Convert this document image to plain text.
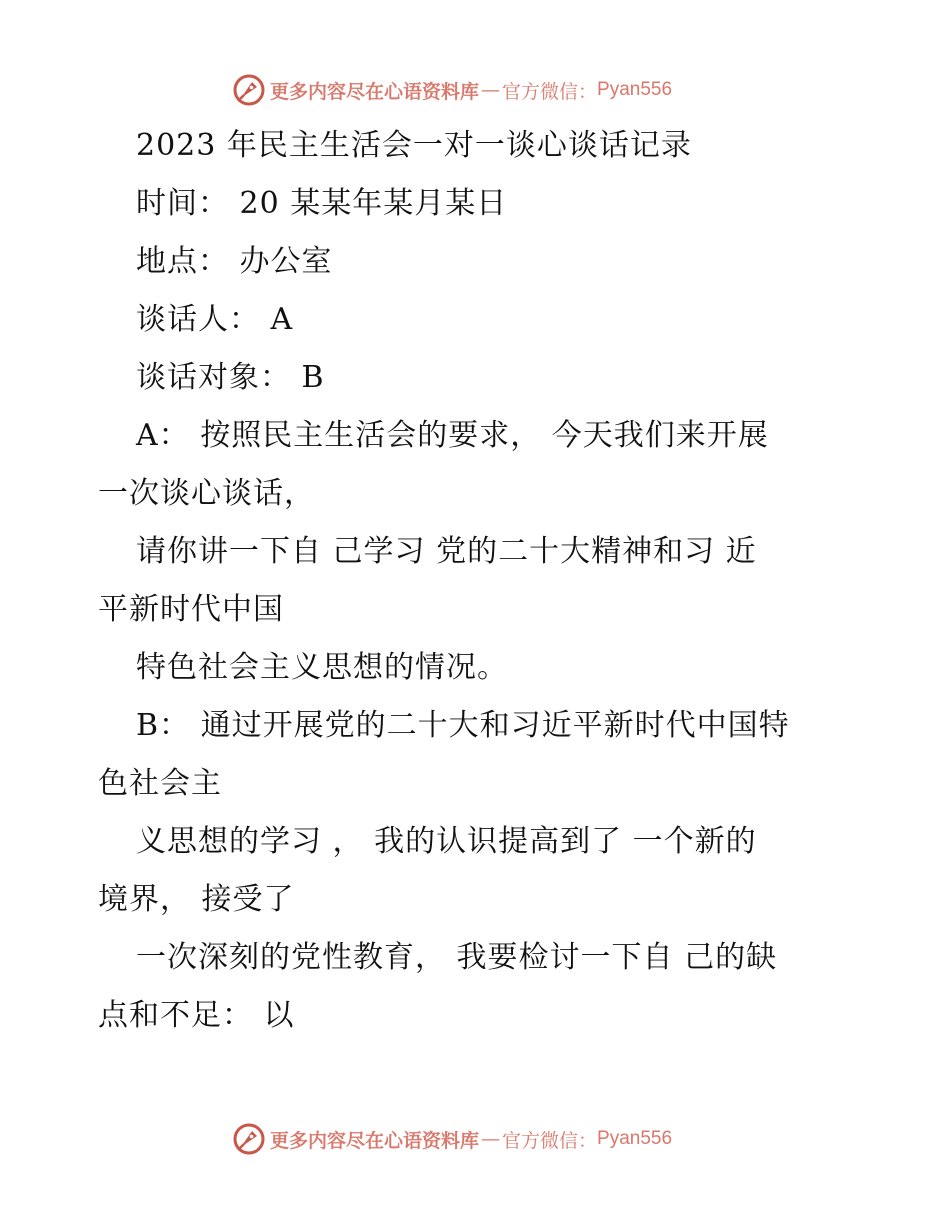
更多内容尽在心语资料库 — 官方微信： Pyan556
2023 年民主生活会一对一谈心谈话记录
时间： 20 某某年某月某日
地点： 办公室
谈话人： A
谈话对象： B
A： 按照民主生活会的要求， 今天我们来开展
一次谈心谈话，
请你讲一下自 己学习 党的二十大精神和习 近
平新时代中国
特色社会主义思想的情况。
B： 通过开展党的二十大和习近平新时代中国特
色社会主
义思想的学习 ， 我的认识提高到了 一个新的
境界， 接受了
一次深刻的党性教育， 我要检讨一下自 己的缺
点和不足： 以
更多内容尽在心语资料库 — 官方微信： Pyan556
